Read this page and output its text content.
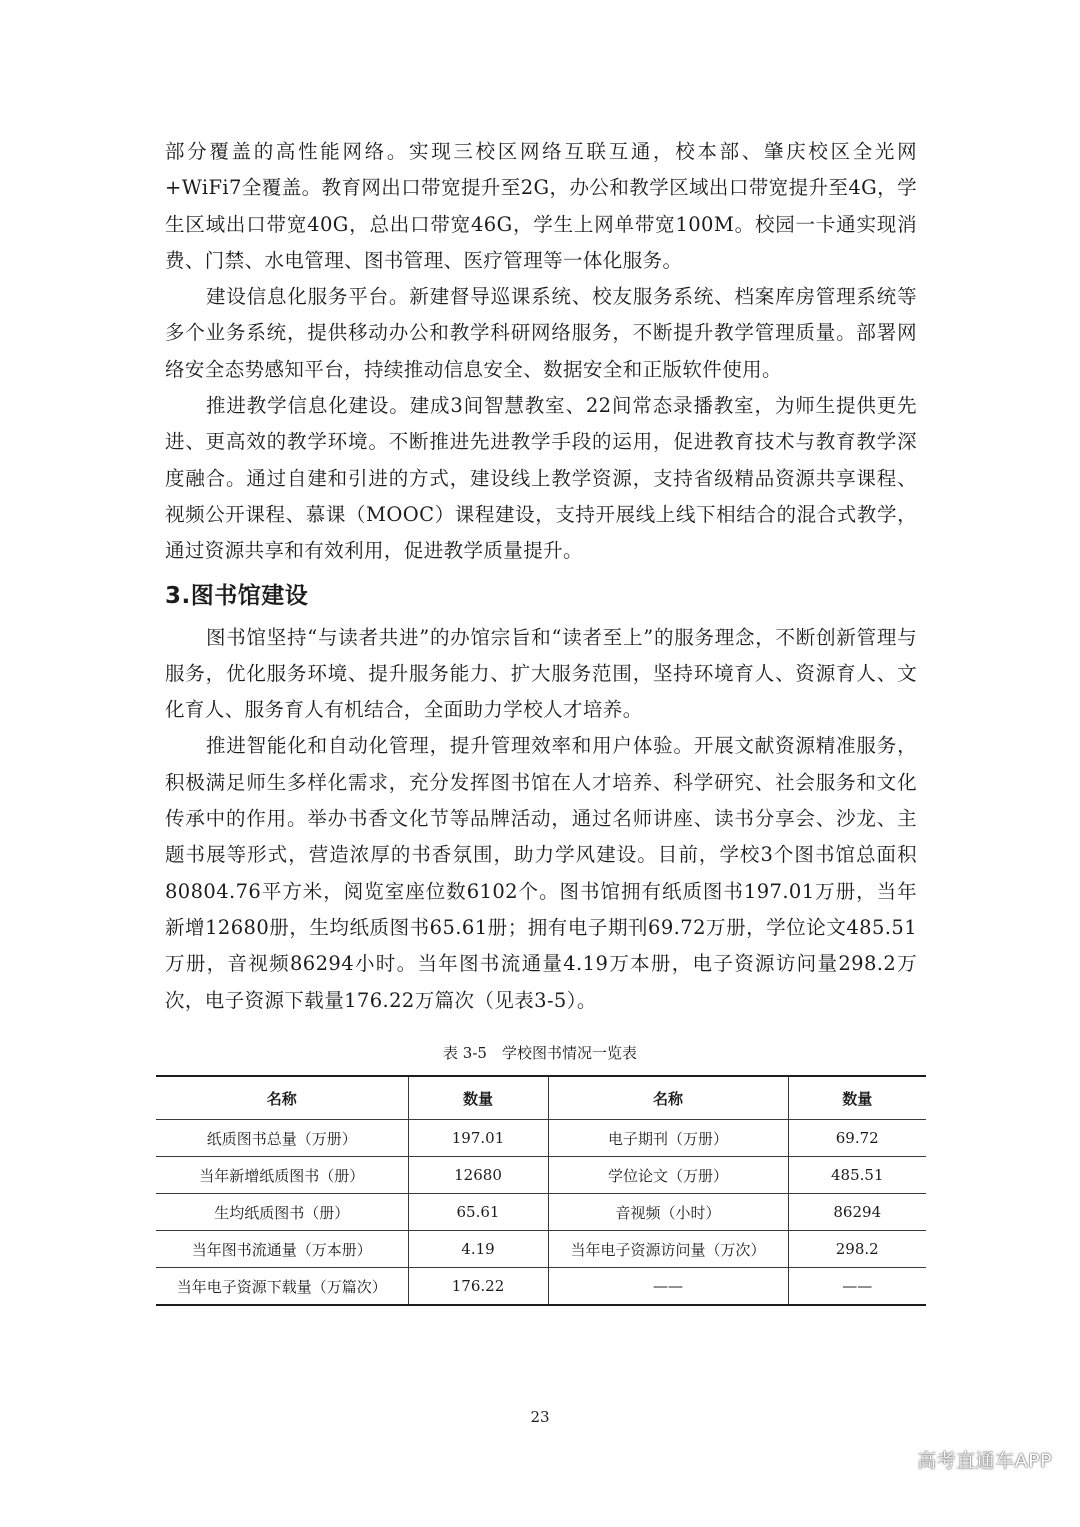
部分覆盖的高性能网络。实现三校区网络互联互通，校本部、肇庆校区全光网+WiFi7全覆盖。教育网出口带宽提升至2G，办公和教学区域出口带宽提升至4G，学生区域出口带宽40G，总出口带宽46G，学生上网单带宽100M。校园一卡通实现消费、门禁、水电管理、图书管理、医疗管理等一体化服务。

建设信息化服务平台。新建督导巡课系统、校友服务系统、档案库房管理系统等多个业务系统，提供移动办公和教学科研网络服务，不断提升教学管理质量。部署网络安全态势感知平台，持续推动信息安全、数据安全和正版软件使用。

推进教学信息化建设。建成3间智慧教室、22间常态录播教室，为师生提供更先进、更高效的教学环境。不断推进先进教学手段的运用，促进教育技术与教育教学深度融合。通过自建和引进的方式，建设线上教学资源，支持省级精品资源共享课程、视频公开课程、慕课（MOOC）课程建设，支持开展线上线下相结合的混合式教学，通过资源共享和有效利用，促进教学质量提升。

3.图书馆建设

图书馆坚持“与读者共进”的办馆宗旨和“读者至上”的服务理念，不断创新管理与服务，优化服务环境、提升服务能力、扩大服务范围，坚持环境育人、资源育人、文化育人、服务育人有机结合，全面助力学校人才培养。

推进智能化和自动化管理，提升管理效率和用户体验。开展文献资源精准服务，积极满足师生多样化需求，充分发挥图书馆在人才培养、科学研究、社会服务和文化传承中的作用。举办书香文化节等品牌活动，通过名师讲座、读书分享会、沙龙、主题书展等形式，营造浓厚的书香氛围，助力学风建设。目前，学校3个图书馆总面积80804.76平方米，阅览室座位数6102个。图书馆拥有纸质图书197.01万册，当年新增12680册，生均纸质图书65.61册；拥有电子期刊69.72万册，学位论文485.51万册，音视频86294小时。当年图书流通量4.19万本册，电子资源访问量298.2万次，电子资源下载量176.22万篇次（见表3-5）。

表 3-5　学校图书情况一览表
名称	数量	名称	数量
纸质图书总量（万册）	197.01	电子期刊（万册）	69.72
当年新增纸质图书（册）	12680	学位论文（万册）	485.51
生均纸质图书（册）	65.61	音视频（小时）	86294
当年图书流通量（万本册）	4.19	当年电子资源访问量（万次）	298.2
当年电子资源下载量（万篇次）	176.22	——	——
23
高考直通车APP
